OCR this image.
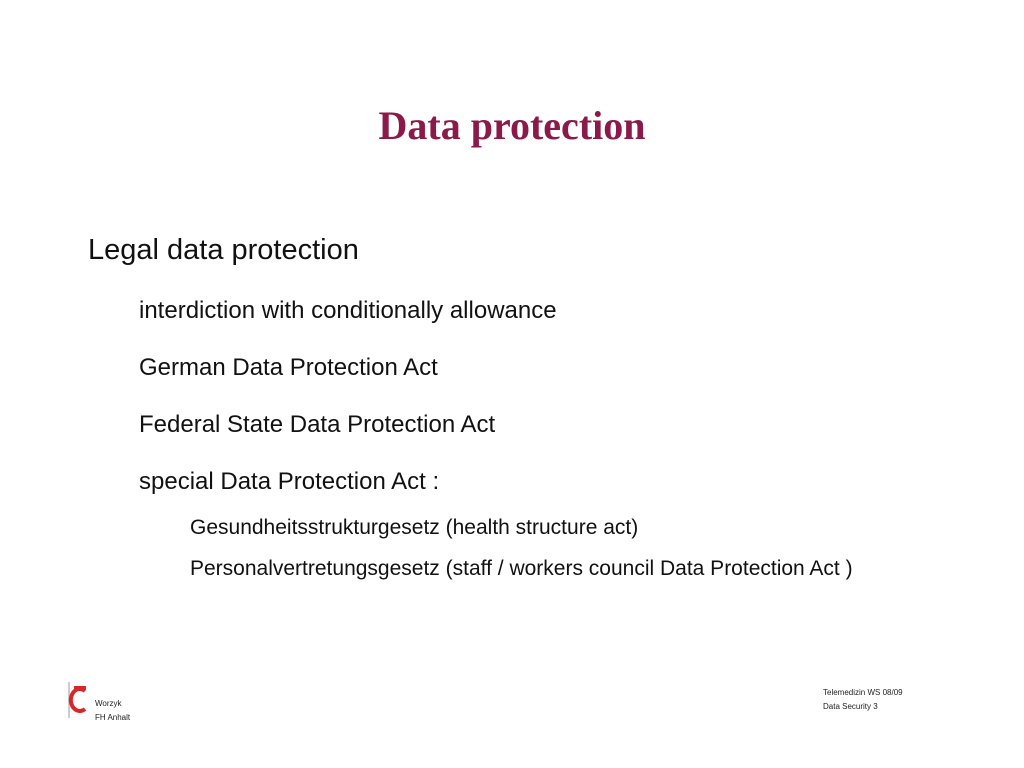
Data protection
Legal data protection
interdiction with conditionally allowance
German Data Protection Act
Federal State Data Protection Act
special Data Protection Act :
Gesundheitsstrukturgesetz (health structure act)
Personalvertretungsgesetz (staff / workers council Data Protection Act )
Worzyk
FH Anhalt
Telemedizin WS 08/09
Data Security 3
